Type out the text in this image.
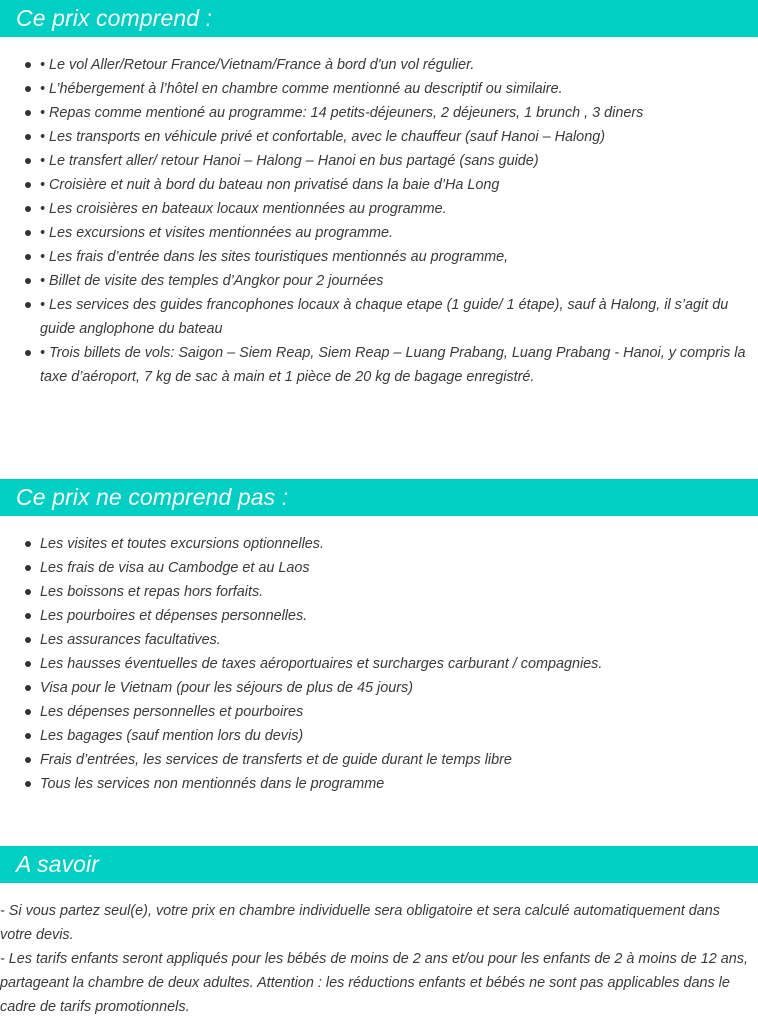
Ce prix comprend :
• Le vol Aller/Retour France/Vietnam/France à bord d'un vol régulier.
• L’hébergement à l’hôtel en chambre comme mentionné au descriptif ou similaire.
• Repas comme mentioné au programme: 14 petits-déjeuners, 2 déjeuners, 1 brunch , 3 diners
• Les transports en véhicule privé et confortable, avec le chauffeur (sauf Hanoi – Halong)
• Le transfert aller/ retour Hanoi – Halong – Hanoi en bus partagé (sans guide)
• Croisière et nuit à bord du bateau non privatisé dans la baie d’Ha Long
• Les croisières en bateaux locaux mentionnées au programme.
• Les excursions et visites mentionnées au programme.
• Les frais d’entrée dans les sites touristiques mentionnés au programme,
• Billet de visite des temples d’Angkor pour 2 journées
• Les services des guides francophones locaux à chaque etape (1 guide/ 1 étape), sauf à Halong, il s’agit du guide anglophone du bateau
• Trois billets de vols: Saigon – Siem Reap, Siem Reap – Luang Prabang, Luang Prabang - Hanoi, y compris la taxe d’aéroport, 7 kg de sac à main et 1 pièce de 20 kg de bagage enregistré.
Ce prix ne comprend pas :
Les visites et toutes excursions optionnelles.
Les frais de visa au Cambodge et au Laos
Les boissons et repas hors forfaits.
Les pourboires et dépenses personnelles.
Les assurances facultatives.
Les hausses éventuelles de taxes aéroportuaires et surcharges carburant / compagnies.
Visa pour le Vietnam (pour les séjours de plus de 45 jours)
Les dépenses personnelles et pourboires
Les bagages (sauf mention lors du devis)
Frais d’entrées, les services de transferts et de guide durant le temps libre
Tous les services non mentionnés dans le programme
A savoir

- Si vous partez seul(e), votre prix en chambre individuelle sera obligatoire et sera calculé automatiquement dans votre devis.

- Les tarifs enfants seront appliqués pour les bébés de moins de 2 ans et/ou pour les enfants de 2 à moins de 12 ans, partageant la chambre de deux adultes. Attention : les réductions enfants et bébés ne sont pas applicables dans le cadre de tarifs promotionnels.
